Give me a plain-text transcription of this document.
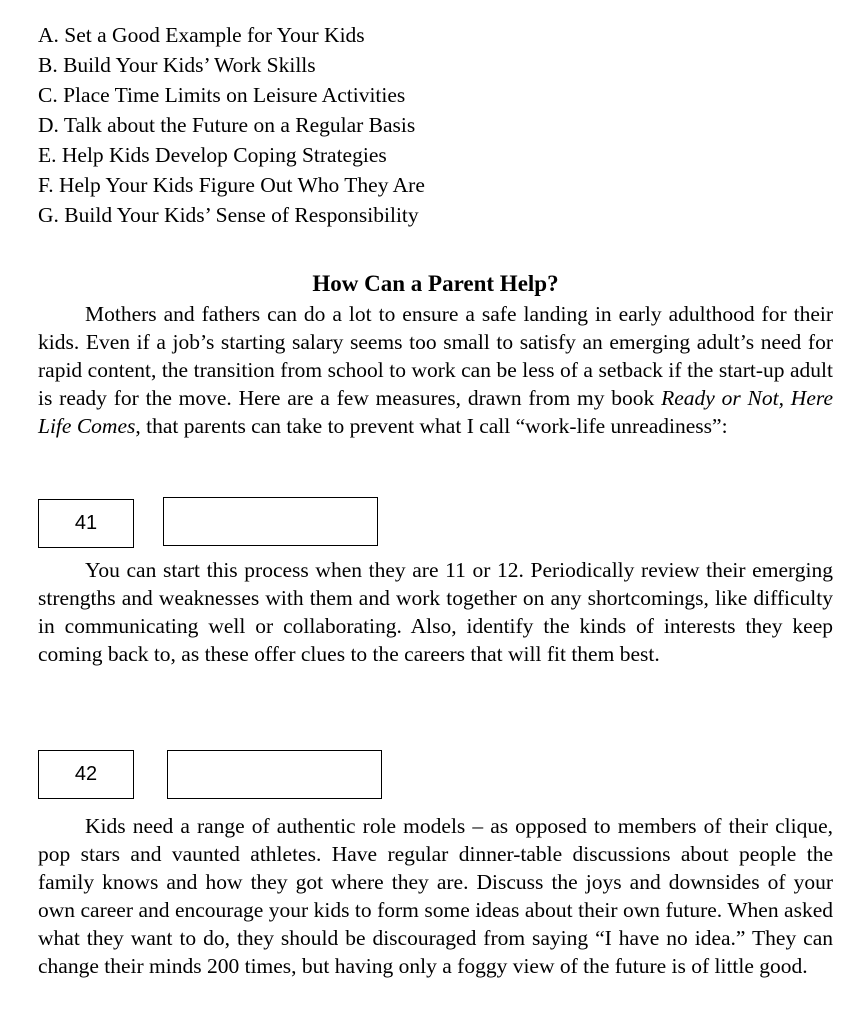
A. Set a Good Example for Your Kids
B. Build Your Kids’ Work Skills
C. Place Time Limits on Leisure Activities
D. Talk about the Future on a Regular Basis
E. Help Kids Develop Coping Strategies
F. Help Your Kids Figure Out Who They Are
G. Build Your Kids’ Sense of Responsibility
How Can a Parent Help?

Mothers and fathers can do a lot to ensure a safe landing in early adulthood for their kids. Even if a job’s starting salary seems too small to satisfy an emerging adult’s need for rapid content, the transition from school to work can be less of a setback if the start-up adult is ready for the move. Here are a few measures, drawn from my book Ready or Not, Here Life Comes, that parents can take to prevent what I call “work-life unreadiness”:

41

You can start this process when they are 11 or 12. Periodically review their emerging strengths and weaknesses with them and work together on any shortcomings, like difficulty in communicating well or collaborating. Also, identify the kinds of interests they keep coming back to, as these offer clues to the careers that will fit them best.

42

Kids need a range of authentic role models – as opposed to members of their clique, pop stars and vaunted athletes. Have regular dinner-table discussions about people the family knows and how they got where they are. Discuss the joys and downsides of your own career and encourage your kids to form some ideas about their own future. When asked what they want to do, they should be discouraged from saying “I have no idea.” They can change their minds 200 times, but having only a foggy view of the future is of little good.
